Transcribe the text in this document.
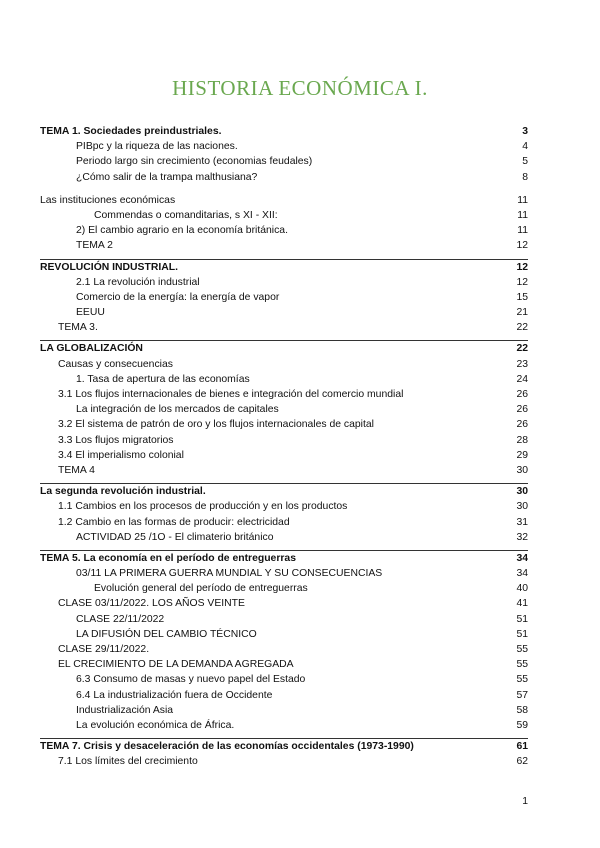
HISTORIA ECONÓMICA I.
TEMA 1. Sociedades preindustriales.	3
PIBpc y la riqueza de las naciones.	4
Periodo largo sin crecimiento (economias feudales)	5
¿Cómo salir de la trampa malthusiana?	8
Las instituciones económicas	11
Commendas o comanditarias, s XI - XII:	11
2) El cambio agrario en la economía británica.	11
TEMA 2	12
REVOLUCIÓN INDUSTRIAL.	12
2.1 La revolución industrial	12
Comercio de la energía: la energía de vapor	15
EEUU	21
TEMA 3.	22
LA GLOBALIZACIÓN	22
Causas y consecuencias	23
1. Tasa de apertura de las economías	24
3.1 Los flujos internacionales de bienes e integración del comercio mundial	26
La integración de los mercados de capitales	26
3.2 El sistema de patrón de oro y los flujos internacionales de capital	26
3.3 Los flujos migratorios	28
3.4 El imperialismo colonial	29
TEMA 4	30
La segunda revolución industrial.	30
1.1 Cambios en los procesos de producción y en los productos	30
1.2 Cambio en las formas de producir: electricidad	31
ACTIVIDAD 25 /1O - El climaterio británico	32
TEMA 5. La economía en el período de entreguerras	34
03/11 LA PRIMERA GUERRA MUNDIAL Y SU CONSECUENCIAS	34
Evolución general del período de entreguerras	40
CLASE 03/11/2022. LOS AÑOS VEINTE	41
CLASE 22/11/2022	51
LA DIFUSIÓN DEL CAMBIO TÉCNICO	51
CLASE 29/11/2022.	55
EL CRECIMIENTO DE LA DEMANDA AGREGADA	55
6.3 Consumo de masas y nuevo papel del Estado	55
6.4 La industrialización fuera de Occidente	57
Industrialización Asia	58
La evolución económica de África.	59
TEMA 7. Crisis y desaceleración de las economías occidentales (1973-1990)	61
7.1 Los límites del crecimiento	62
1
